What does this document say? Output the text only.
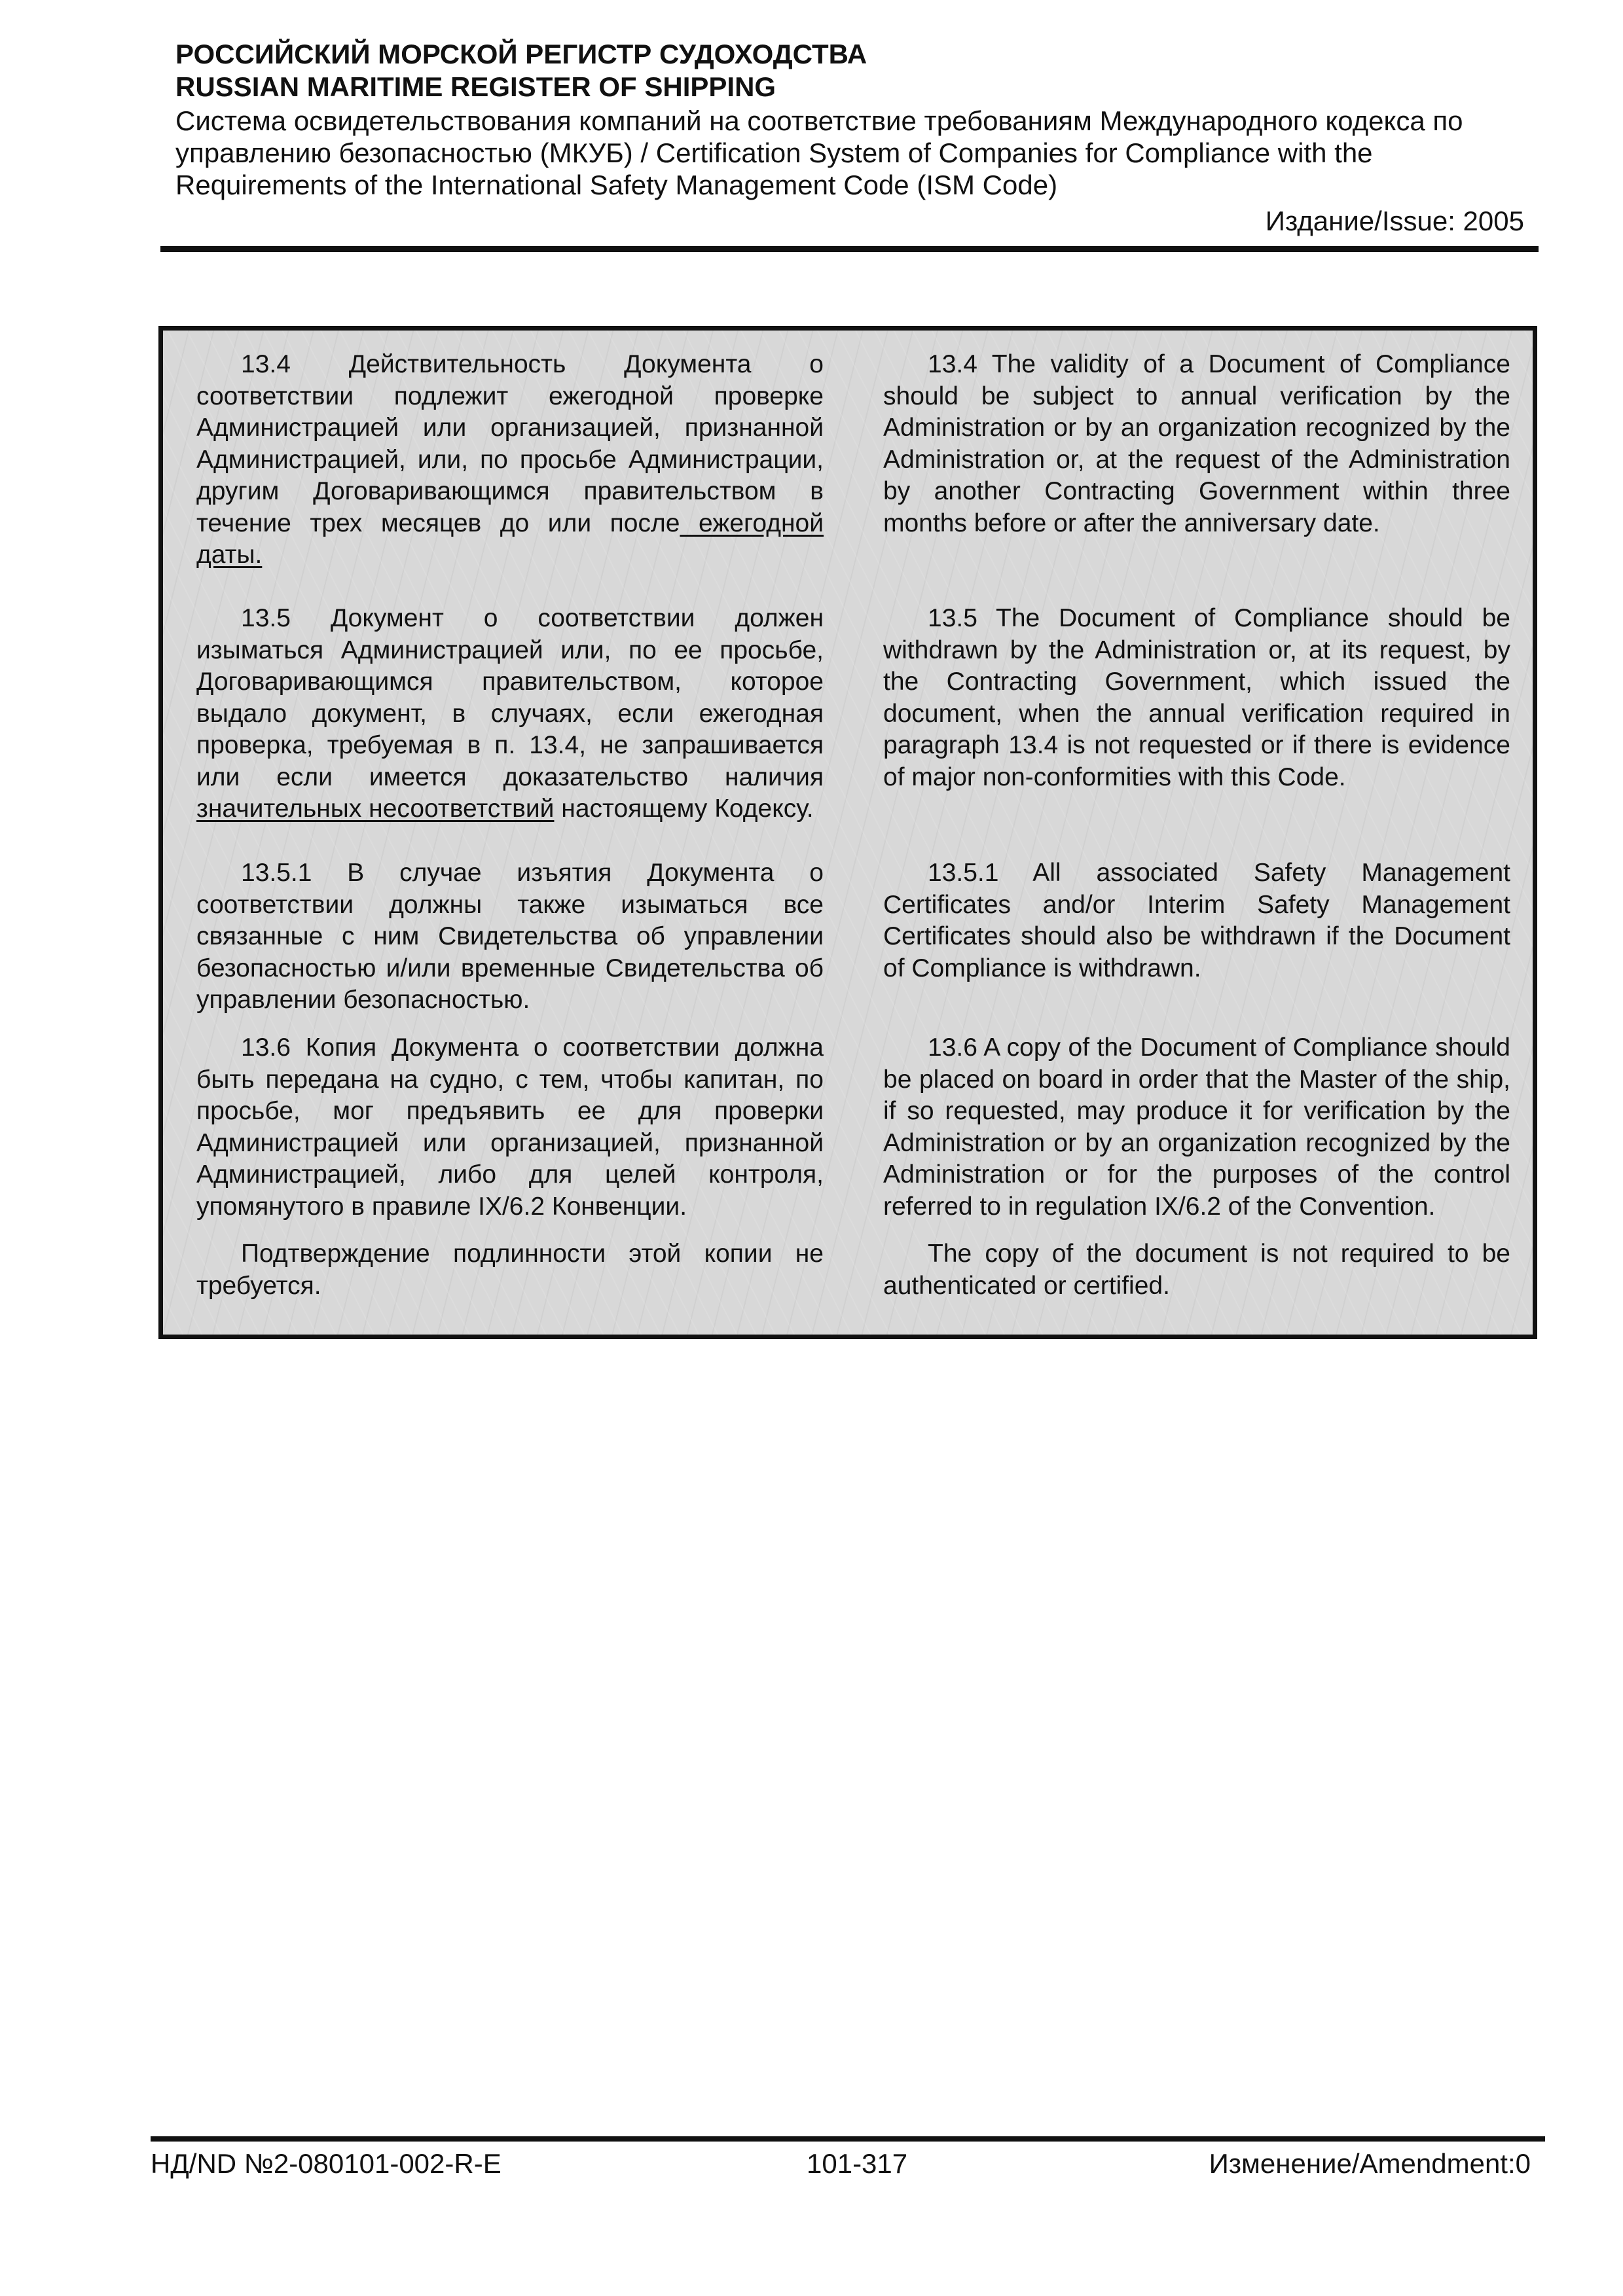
РОССИЙСКИЙ МОРСКОЙ РЕГИСТР СУДОХОДСТВА
RUSSIAN MARITIME REGISTER OF SHIPPING
Система освидетельствования компаний на соответствие требованиям Международного кодекса по управлению безопасностью (МКУБ) / Certification System of Companies for Compliance with the Requirements of the International Safety Management Code (ISM Code)
Издание/Issue: 2005
13.4 Действительность Документа о соответствии подлежит ежегодной проверке Администрацией или организацией, признанной Администрацией, или, по просьбе Администрации, другим Договаривающимся правительством в течение трех месяцев до или после ежегодной даты.
13.5 Документ о соответствии должен изыматься Администрацией или, по ее просьбе, Договаривающимся правительством, которое выдало документ, в случаях, если ежегодная проверка, требуемая в п. 13.4, не запрашивается или если имеется доказательство наличия значительных несоответствий настоящему Кодексу.
13.5.1 В случае изъятия Документа о соответствии должны также изыматься все связанные с ним Свидетельства об управлении безопасностью и/или временные Свидетельства об управлении безопасностью.
13.6 Копия Документа о соответствии должна быть передана на судно, с тем, чтобы капитан, по просьбе, мог предъявить ее для проверки Администрацией или организацией, признанной Администрацией, либо для целей контроля, упомянутого в правиле IX/6.2 Конвенции.
Подтверждение подлинности этой копии не требуется.
13.4 The validity of a Document of Compliance should be subject to annual verification by the Administration or by an organization recognized by the Administration or, at the request of the Administration by another Contracting Government within three months before or after the anniversary date.
13.5 The Document of Compliance should be withdrawn by the Administration or, at its request, by the Contracting Government, which issued the document, when the annual verification required in paragraph 13.4 is not requested or if there is evidence of major non-conformities with this Code.
13.5.1 All associated Safety Management Certificates and/or Interim Safety Management Certificates should also be withdrawn if the Document of Compliance is withdrawn.
13.6 A copy of the Document of Compliance should be placed on board in order that the Master of the ship, if so requested, may produce it for verification by the Administration or by an organization recognized by the Administration or for the purposes of the control referred to in regulation IX/6.2 of the Convention.
The copy of the document is not required to be authenticated or certified.
НД/ND №2-080101-002-R-E	101-317	Изменение/Amendment:0
